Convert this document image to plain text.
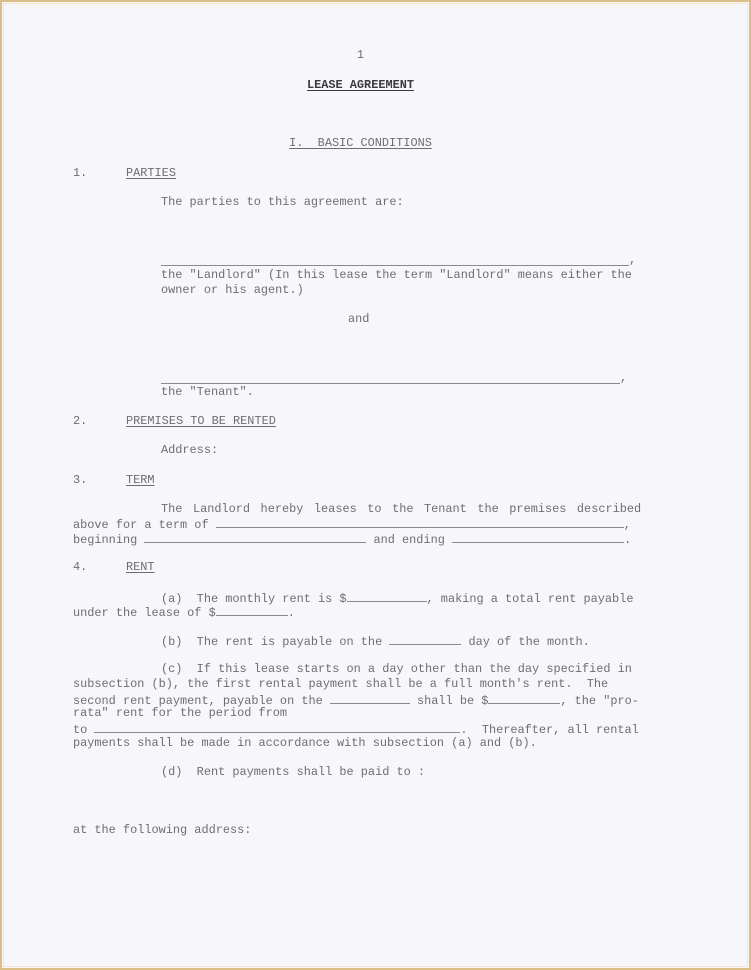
1
LEASE AGREEMENT
I.  BASIC CONDITIONS
1.	PARTIES
The parties to this agreement are:
,
the "Landlord" (In this lease the term "Landlord" means either the
owner or his agent.)
and
,
the "Tenant".
2.	PREMISES TO BE RENTED
Address:
3.	TERM
The Landlord hereby leases to the Tenant the premises described
above for a term of	,
beginning	and ending	.
4.	RENT
(a)  The monthly rent is $	, making a total rent payable
under the lease of $	.
(b)  The rent is payable on the	day of the month.
(c)  If this lease starts on a day other than the day specified in
subsection (b), the first rental payment shall be a full month's rent.  The
second rent payment, payable on the	shall be $	, the "pro-
rata" rent for the period from
to	.  Thereafter, all rental
payments shall be made in accordance with subsection (a) and (b).
(d)  Rent payments shall be paid to :
at the following address:
